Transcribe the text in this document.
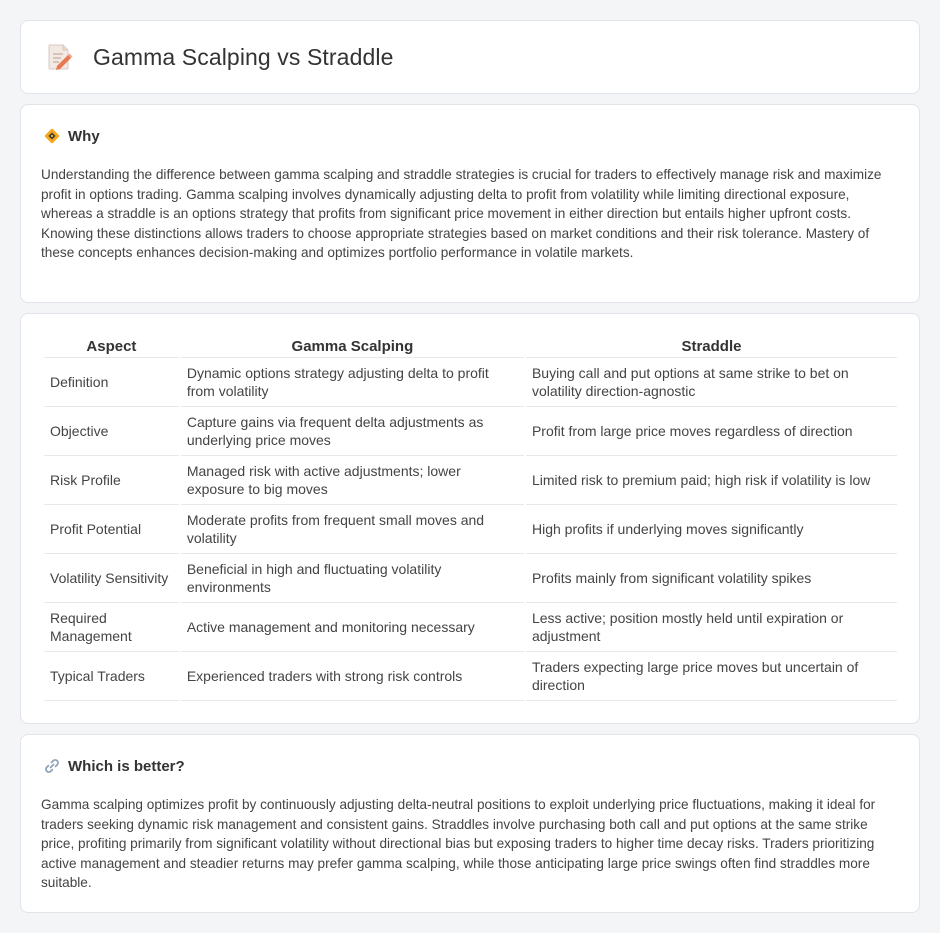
Gamma Scalping vs Straddle
Why

Understanding the difference between gamma scalping and straddle strategies is crucial for traders to effectively manage risk and maximize profit in options trading. Gamma scalping involves dynamically adjusting delta to profit from volatility while limiting directional exposure, whereas a straddle is an options strategy that profits from significant price movement in either direction but entails higher upfront costs. Knowing these distinctions allows traders to choose appropriate strategies based on market conditions and their risk tolerance. Mastery of these concepts enhances decision-making and optimizes portfolio performance in volatile markets.

Aspect	Gamma Scalping	Straddle
Definition	Dynamic options strategy adjusting delta to profit from volatility	Buying call and put options at same strike to bet on volatility direction-agnostic
Objective	Capture gains via frequent delta adjustments as underlying price moves	Profit from large price moves regardless of direction
Risk Profile	Managed risk with active adjustments; lower exposure to big moves	Limited risk to premium paid; high risk if volatility is low
Profit Potential	Moderate profits from frequent small moves and volatility	High profits if underlying moves significantly
Volatility Sensitivity	Beneficial in high and fluctuating volatility environments	Profits mainly from significant volatility spikes
Required Management	Active management and monitoring necessary	Less active; position mostly held until expiration or adjustment
Typical Traders	Experienced traders with strong risk controls	Traders expecting large price moves but uncertain of direction
Which is better?

Gamma scalping optimizes profit by continuously adjusting delta-neutral positions to exploit underlying price fluctuations, making it ideal for traders seeking dynamic risk management and consistent gains. Straddles involve purchasing both call and put options at the same strike price, profiting primarily from significant volatility without directional bias but exposing traders to higher time decay risks. Traders prioritizing active management and steadier returns may prefer gamma scalping, while those anticipating large price swings often find straddles more suitable.
